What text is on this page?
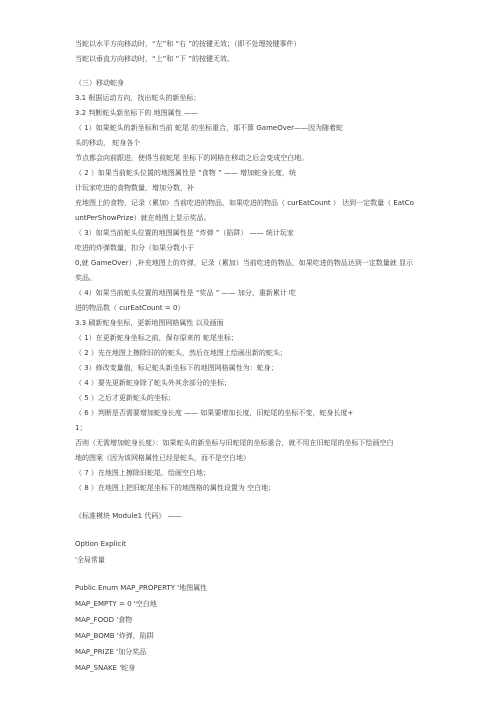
当蛇以水平方向移动时，“左”和 “右 ”的按键无效；（即不处理按键事件）
当蛇以垂直方向移动时，“上”和 “下 ”的按键无效。
（三）移动蛇身
3.1 根据运动方向，找出蛇头的新坐标；
3.2 判断蛇头新坐标下的 地图属性 ——
（ 1）如果蛇头的新坐标和当前 蛇尾 的坐标重合，那不算 GameOver——因为随着蛇
头的移动， 蛇身各个
节点都会向前跟进，使得当前蛇尾 坐标下的网格在移动之后会变成空白地。
（ 2 ）如果当前蛇头位置的地图属性是 “食物 ” —— 增加蛇身长度，统
计玩家吃进的食物数量，增加分数，补
充地图上的食物，记录（累加）当前吃进的物品，如果吃进的物品（ curEatCount ） 达到一定数量（ EatCo
untPerShowPrize）就在地图上显示奖品。
（ 3）如果当前蛇头位置的地图属性是 “炸弹 ”（陷阱） —— 统计玩家
吃进的炸弹数量，扣分（如果分数小于
0,就 GameOver）,补充地图上的炸弹，记录（累加）当前吃进的物品，如果吃进的物品达到一定数量就 显示
奖品。
（ 4）如果当前蛇头位置的地图属性是 “奖品 ” —— 加分，重新累计 吃
进的物品数（ curEatCount = 0）
3.3 刷新蛇身坐标，更新地图网格属性 以及画面
（ 1）在更新蛇身坐标之前，保存原来的 蛇尾坐标；
（ 2 ）先在地图上擦除旧的的蛇头，然后在地图上绘画出新的蛇头；
（ 3）修改变量值，标记蛇头新坐标下的地图网格属性为：蛇身；
（ 4 ）要先更新蛇身除了蛇头外其余部分的坐标；
（ 5 ）之后才更新蛇头的坐标；
（ 6 ）判断是否需要增加蛇身长度 —— 如果要增加长度，旧蛇尾的坐标不变，蛇身长度+
1；
否则（无需增加蛇身长度）：如果蛇头的新坐标与旧蛇尾的坐标重合，就不用在旧蛇尾的坐标下绘画空白
地的图案（因为该网格属性已经是蛇头，而不是空白地）
（ 7 ）在地图上擦除旧蛇尾，绘画空白地；
（ 8 ）在地图上把旧蛇尾坐标下的地图格的属性设置为 空白地；
《标准模块 Module1 代码》 ——
Option Explicit
'全局常量
Public Enum MAP_PROPERTY '地图属性
MAP_EMPTY = 0 '空白地
MAP_FOOD '食物
MAP_BOMB '炸弹，陷阱
MAP_PRIZE '加分奖品
MAP_SNAKE '蛇身
